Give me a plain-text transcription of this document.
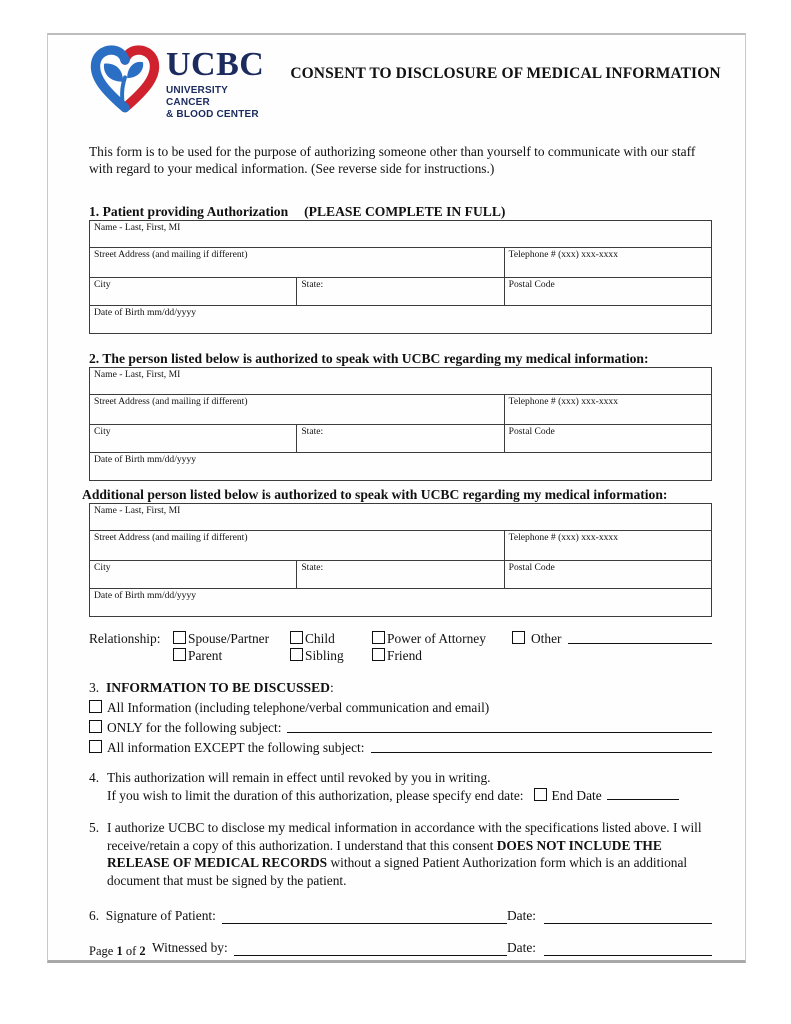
UCBC
UNIVERSITY CANCER
& BLOOD CENTER
CONSENT TO DISCLOSURE OF MEDICAL INFORMATION

This form is to be used for the purpose of authorizing someone other than yourself to communicate with our staff with regard to your medical information. (See reverse side for instructions.)

1. Patient providing Authorization (PLEASE COMPLETE IN FULL)
Name - Last, First, MI		
Street Address (and mailing if different)		Telephone # (xxx) xxx-xxxx
City	State:	Postal Code
Date of Birth mm/dd/yyyy		
2. The person listed below is authorized to speak with UCBC regarding my medical information:
Name - Last, First, MI		
Street Address (and mailing if different)		Telephone # (xxx) xxx-xxxx
City	State:	Postal Code
Date of Birth mm/dd/yyyy		
Additional person listed below is authorized to speak with UCBC regarding my medical information:
Name - Last, First, MI		
Street Address (and mailing if different)		Telephone # (xxx) xxx-xxxx
City	State:	Postal Code
Date of Birth mm/dd/yyyy		
Relationship:	Spouse/Partner	Child	Power of Attorney	Other
Parent	Sibling	Friend
3. INFORMATION TO BE DISCUSSED:
All Information (including telephone/verbal communication and email)
ONLY for the following subject:
All information EXCEPT the following subject:
4. This authorization will remain in effect until revoked by you in writing.
If you wish to limit the duration of this authorization, please specify end date: End Date
5. I authorize UCBC to disclose my medical information in accordance with the specifications listed above. I will receive/retain a copy of this authorization. I understand that this consent DOES NOT INCLUDE THE RELEASE OF MEDICAL RECORDS without a signed Patient Authorization form which is an additional document that must be signed by the patient.
6. Signature of Patient:	Date:
Witnessed by:	Date:
Page 1 of 2
